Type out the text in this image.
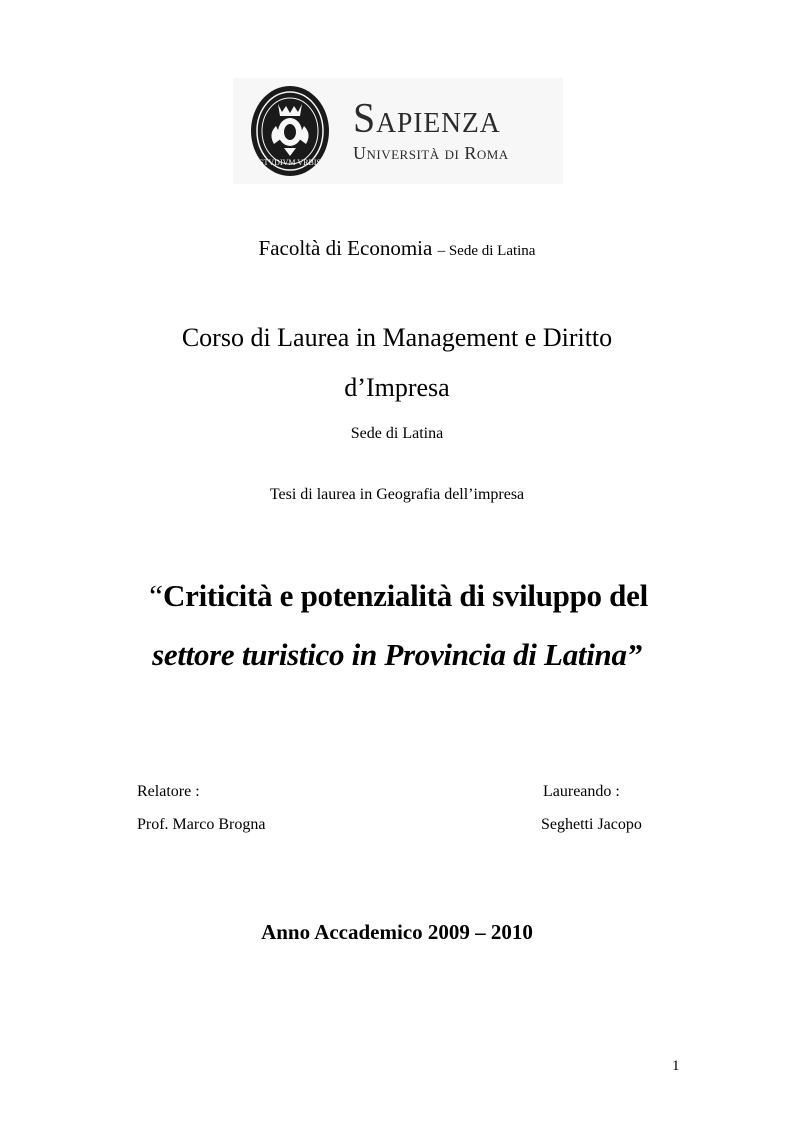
STVDIVM VRBIS
Sapienza
Università di Roma
Facoltà di Economia – Sede di Latina
Corso di Laurea in Management e Diritto
d’Impresa
Sede di Latina
Tesi di laurea in Geografia dell’impresa
“Criticità e potenzialità di sviluppo del
settore turistico in Provincia di Latina”
Relatore :
Prof. Marco Brogna
Laureando :
Seghetti Jacopo
Anno Accademico 2009 – 2010
1
